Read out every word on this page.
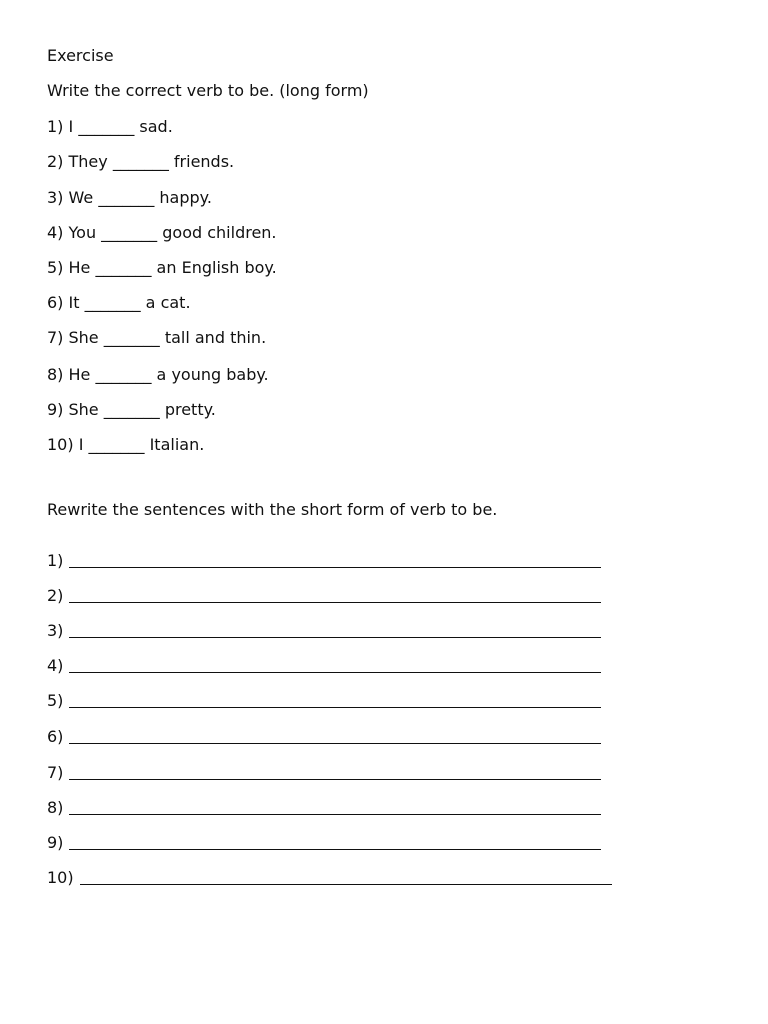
Exercise

Write the correct verb to be. (long form)

1) I _______ sad.

2) They _______ friends.

3) We _______ happy.

4) You _______ good children.

5) He _______ an English boy.

6) It _______ a cat.

7) She _______ tall and thin.

8) He _______ a young baby.

9) She _______ pretty.

10) I _______ Italian.

Rewrite the sentences with the short form of verb to be.

1)
2)
3)
4)
5)
6)
7)
8)
9)
10)
